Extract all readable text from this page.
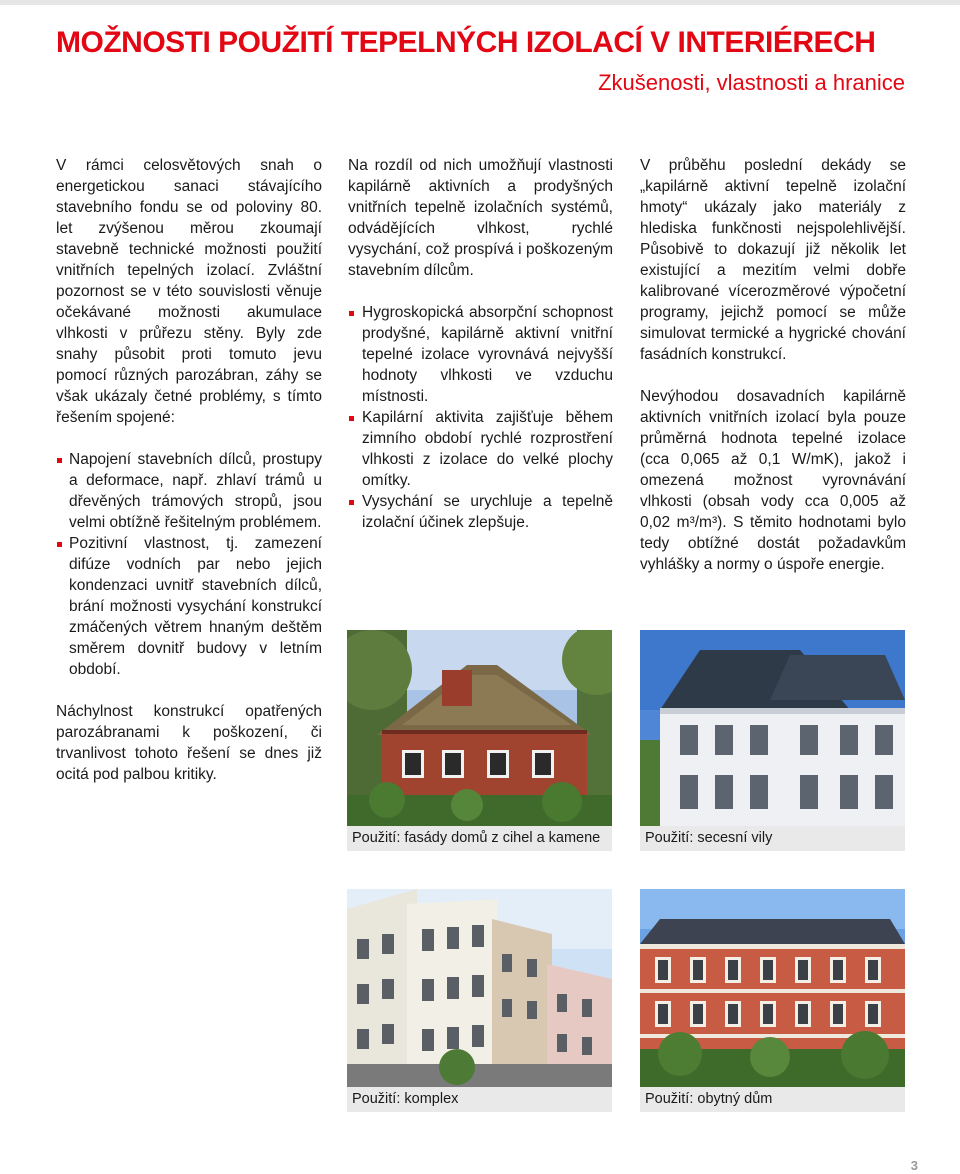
MOŽNOSTI POUŽITÍ TEPELNÝCH IZOLACÍ V INTERIÉRECH
Zkušenosti, vlastnosti a hranice

V rámci celosvětových snah o energetickou sanaci stávajícího stavebního fondu se od poloviny 80. let zvýšenou měrou zkoumají stavebně technické možnosti použití vnitřních tepelných izolací. Zvláštní pozornost se v této souvislosti věnuje očekávané možnosti akumulace vlhkosti v průřezu stěny. Byly zde snahy působit proti tomuto jevu pomocí různých parozábran, záhy se však ukázaly četné problémy, s tímto řešením spojené:

Napojení stavebních dílců, prostupy a deformace, např. zhlaví trámů u dřevěných trámových stropů, jsou velmi obtížně řešitelným problémem.
Pozitivní vlastnost, tj. zamezení difúze vodních par nebo jejich kondenzaci uvnitř stavebních dílců, brání možnosti vysychání konstrukcí zmáčených větrem hnaným deštěm směrem dovnitř budovy v letním období.

Náchylnost konstrukcí opatřených parozábranami k poškození, či trvanlivost tohoto řešení se dnes již ocitá pod palbou kritiky.

Na rozdíl od nich umožňují vlastnosti kapilárně aktivních a prodyšných vnitřních tepelně izolačních systémů, odvádějících vlhkost, rychlé vysychání, což prospívá i poškozeným stavebním dílcům.

Hygroskopická absorpční schopnost prodyšné, kapilárně aktivní vnitřní tepelné izolace vyrovnává nejvyšší hodnoty vlhkosti ve vzduchu místnosti.
Kapilární aktivita zajišťuje během zimního období rychlé rozprostření vlhkosti z izolace do velké plochy omítky.
Vysychání se urychluje a tepelně izolační účinek zlepšuje.

V průběhu poslední dekády se „kapilárně aktivní tepelně izolační hmoty“ ukázaly jako materiály z hlediska funkčnosti nejspolehlivější. Působivě to dokazují již několik let existující a mezitím velmi dobře kalibrované vícerozměrové výpočetní programy, jejichž pomocí se může simulovat termické a hygrické chování fasádních konstrukcí.

Nevýhodou dosavadních kapilárně aktivních vnitřních izolací byla pouze průměrná hodnota tepelné izolace (cca 0,065 až 0,1 W/mK), jakož i omezená možnost vyrovnávání vlhkosti (obsah vody cca 0,005 až 0,02 m³/m³). S těmito hodnotami bylo tedy obtížné dostát požadavkům vyhlášky a normy o úspoře energie.

Použití: fasády domů z cihel a kamene	Použití: secesní vily
Použití: komplex	Použití: obytný dům
3
